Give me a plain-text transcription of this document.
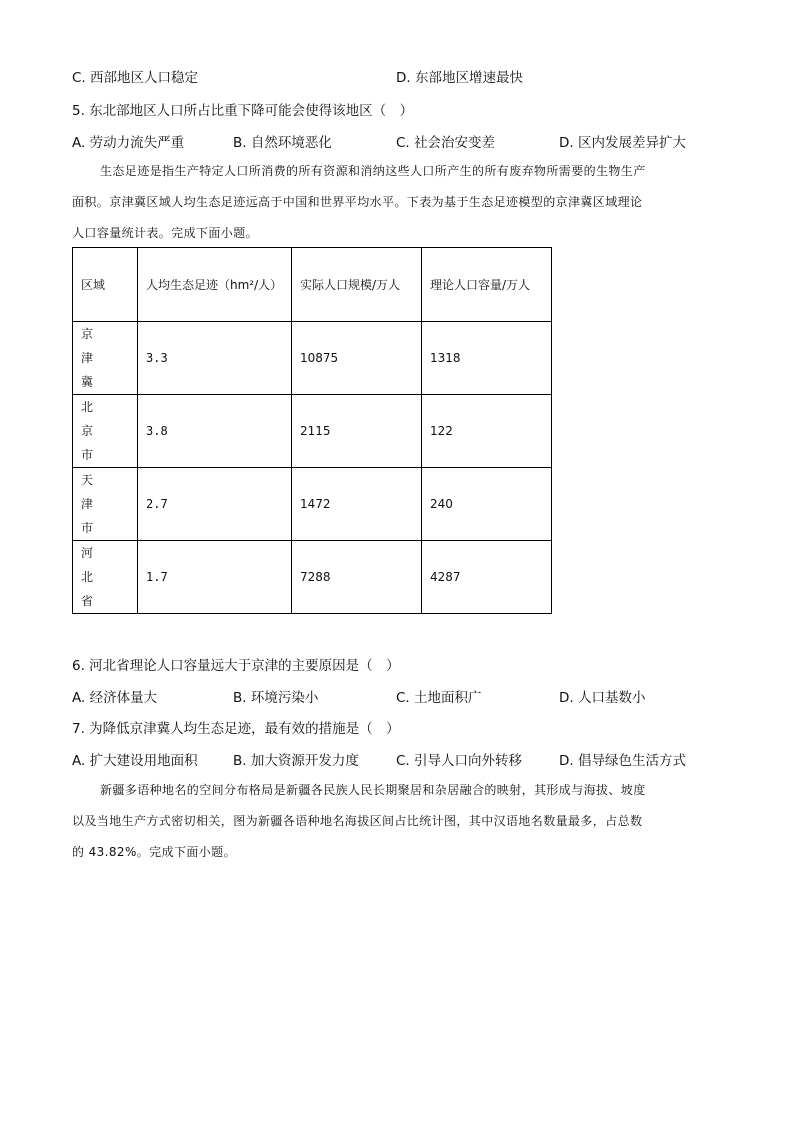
C. 西部地区人口稳定	D. 东部地区增速最快
5. 东北部地区人口所占比重下降可能会使得该地区（　）
A. 劳动力流失严重	B. 自然环境恶化	C. 社会治安变差	D. 区内发展差异扩大
生态足迹是指生产特定人口所消费的所有资源和消纳这些人口所产生的所有废弃物所需要的生物生产
面积。京津冀区域人均生态足迹远高于中国和世界平均水平。下表为基于生态足迹模型的京津冀区域理论
人口容量统计表。完成下面小题。
区域	人均生态足迹（hm²/人）	实际人口规模/万人	理论人口容量/万人
京津冀	3.3	10875	1318
北京市	3.8	2115	122
天津市	2.7	1472	240
河北省	1.7	7288	4287
6. 河北省理论人口容量远大于京津的主要原因是（　）
A. 经济体量大	B. 环境污染小	C. 土地面积广	D. 人口基数小
7. 为降低京津冀人均生态足迹，最有效的措施是（　）
A. 扩大建设用地面积	B. 加大资源开发力度	C. 引导人口向外转移	D. 倡导绿色生活方式
新疆多语种地名的空间分布格局是新疆各民族人民长期聚居和杂居融合的映射，其形成与海拔、坡度
以及当地生产方式密切相关，图为新疆各语种地名海拔区间占比统计图，其中汉语地名数量最多，占总数
的 43.82%。完成下面小题。
